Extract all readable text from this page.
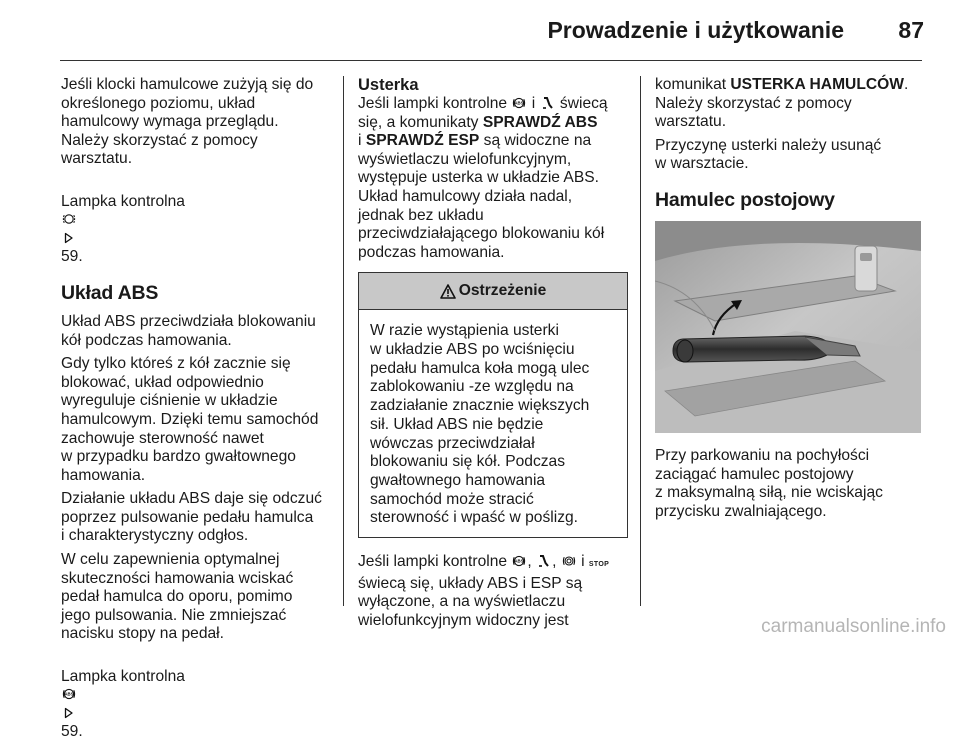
Prowadzenie i użytkowanie 87

Jeśli klocki hamulcowe zużyją się do
określonego poziomu, układ
hamulcowy wymaga przeglądu.
Należy skorzystać z pomocy
warsztatu.

Lampka kontrolna

59.

Układ ABS

Układ ABS przeciwdziała blokowaniu
kół podczas hamowania.

Gdy tylko któreś z kół zacznie się
blokować, układ odpowiednio
wyreguluje ciśnienie w układzie
hamulcowym. Dzięki temu samochód
zachowuje sterowność nawet
w przypadku bardzo gwałtownego
hamowania.

Działanie układu ABS daje się odczuć
poprzez pulsowanie pedału hamulca
i charakterystyczny odgłos.

W celu zapewnienia optymalnej
skuteczności hamowania wciskać
pedał hamulca do oporu, pomimo
jego pulsowania. Nie zmniejszać
nacisku stopy na pedał.

Lampka kontrolna

59.

Usterka

Jeśli lampki kontrolne i świecą
się, a komunikaty SPRAWDŹ ABS
i SPRAWDŹ ESP są widoczne na
wyświetlaczu wielofunkcyjnym,
występuje usterka w układzie ABS.
Układ hamulcowy działa nadal,
jednak bez układu
przeciwdziałającego blokowaniu kół
podczas hamowania.

Ostrzeżenie
W razie wystąpienia usterki
w układzie ABS po wciśnięciu
pedału hamulca koła mogą ulec
zablokowaniu -ze względu na
zadziałanie znacznie większych
sił. Układ ABS nie będzie
wówczas przeciwdziałał
blokowaniu się kół. Podczas
gwałtownego hamowania
samochód może stracić
sterowność i wpaść w poślizg.

Jeśli lampki kontrolne , ,  i STOP
świecą się, układy ABS i ESP są
wyłączone, a na wyświetlaczu
wielofunkcyjnym widoczny jest

komunikat USTERKA HAMULCÓW.
Należy skorzystać z pomocy
warsztatu.

Przyczynę usterki należy usunąć
w warsztacie.

Hamulec postojowy

Przy parkowaniu na pochyłości
zaciągać hamulec postojowy
z maksymalną siłą, nie wciskając
przycisku zwalniającego.

carmanualsonline.info
